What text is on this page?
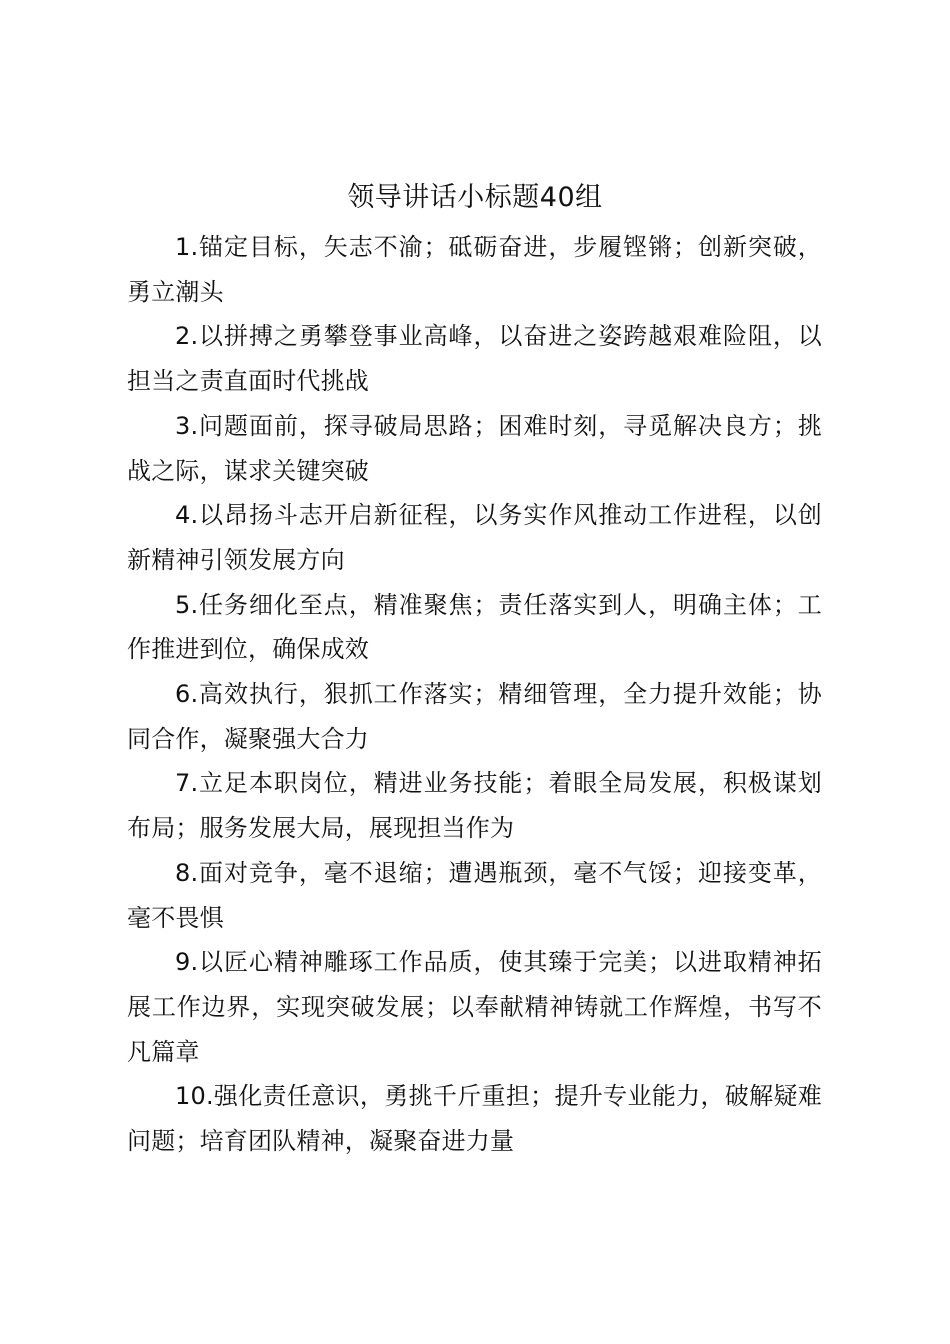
领导讲话小标题40组

1.锚定目标，矢志不渝；砥砺奋进，步履铿锵；创新突破，勇立潮头

2.以拼搏之勇攀登事业高峰，以奋进之姿跨越艰难险阻，以担当之责直面时代挑战

3.问题面前，探寻破局思路；困难时刻，寻觅解决良方；挑战之际，谋求关键突破

4.以昂扬斗志开启新征程，以务实作风推动工作进程，以创新精神引领发展方向

5.任务细化至点，精准聚焦；责任落实到人，明确主体；工作推进到位，确保成效

6.高效执行，狠抓工作落实；精细管理，全力提升效能；协同合作，凝聚强大合力

7.立足本职岗位，精进业务技能；着眼全局发展，积极谋划布局；服务发展大局，展现担当作为

8.面对竞争，毫不退缩；遭遇瓶颈，毫不气馁；迎接变革，毫不畏惧

9.以匠心精神雕琢工作品质，使其臻于完美；以进取精神拓展工作边界，实现突破发展；以奉献精神铸就工作辉煌，书写不凡篇章

10.强化责任意识，勇挑千斤重担；提升专业能力，破解疑难问题；培育团队精神，凝聚奋进力量
